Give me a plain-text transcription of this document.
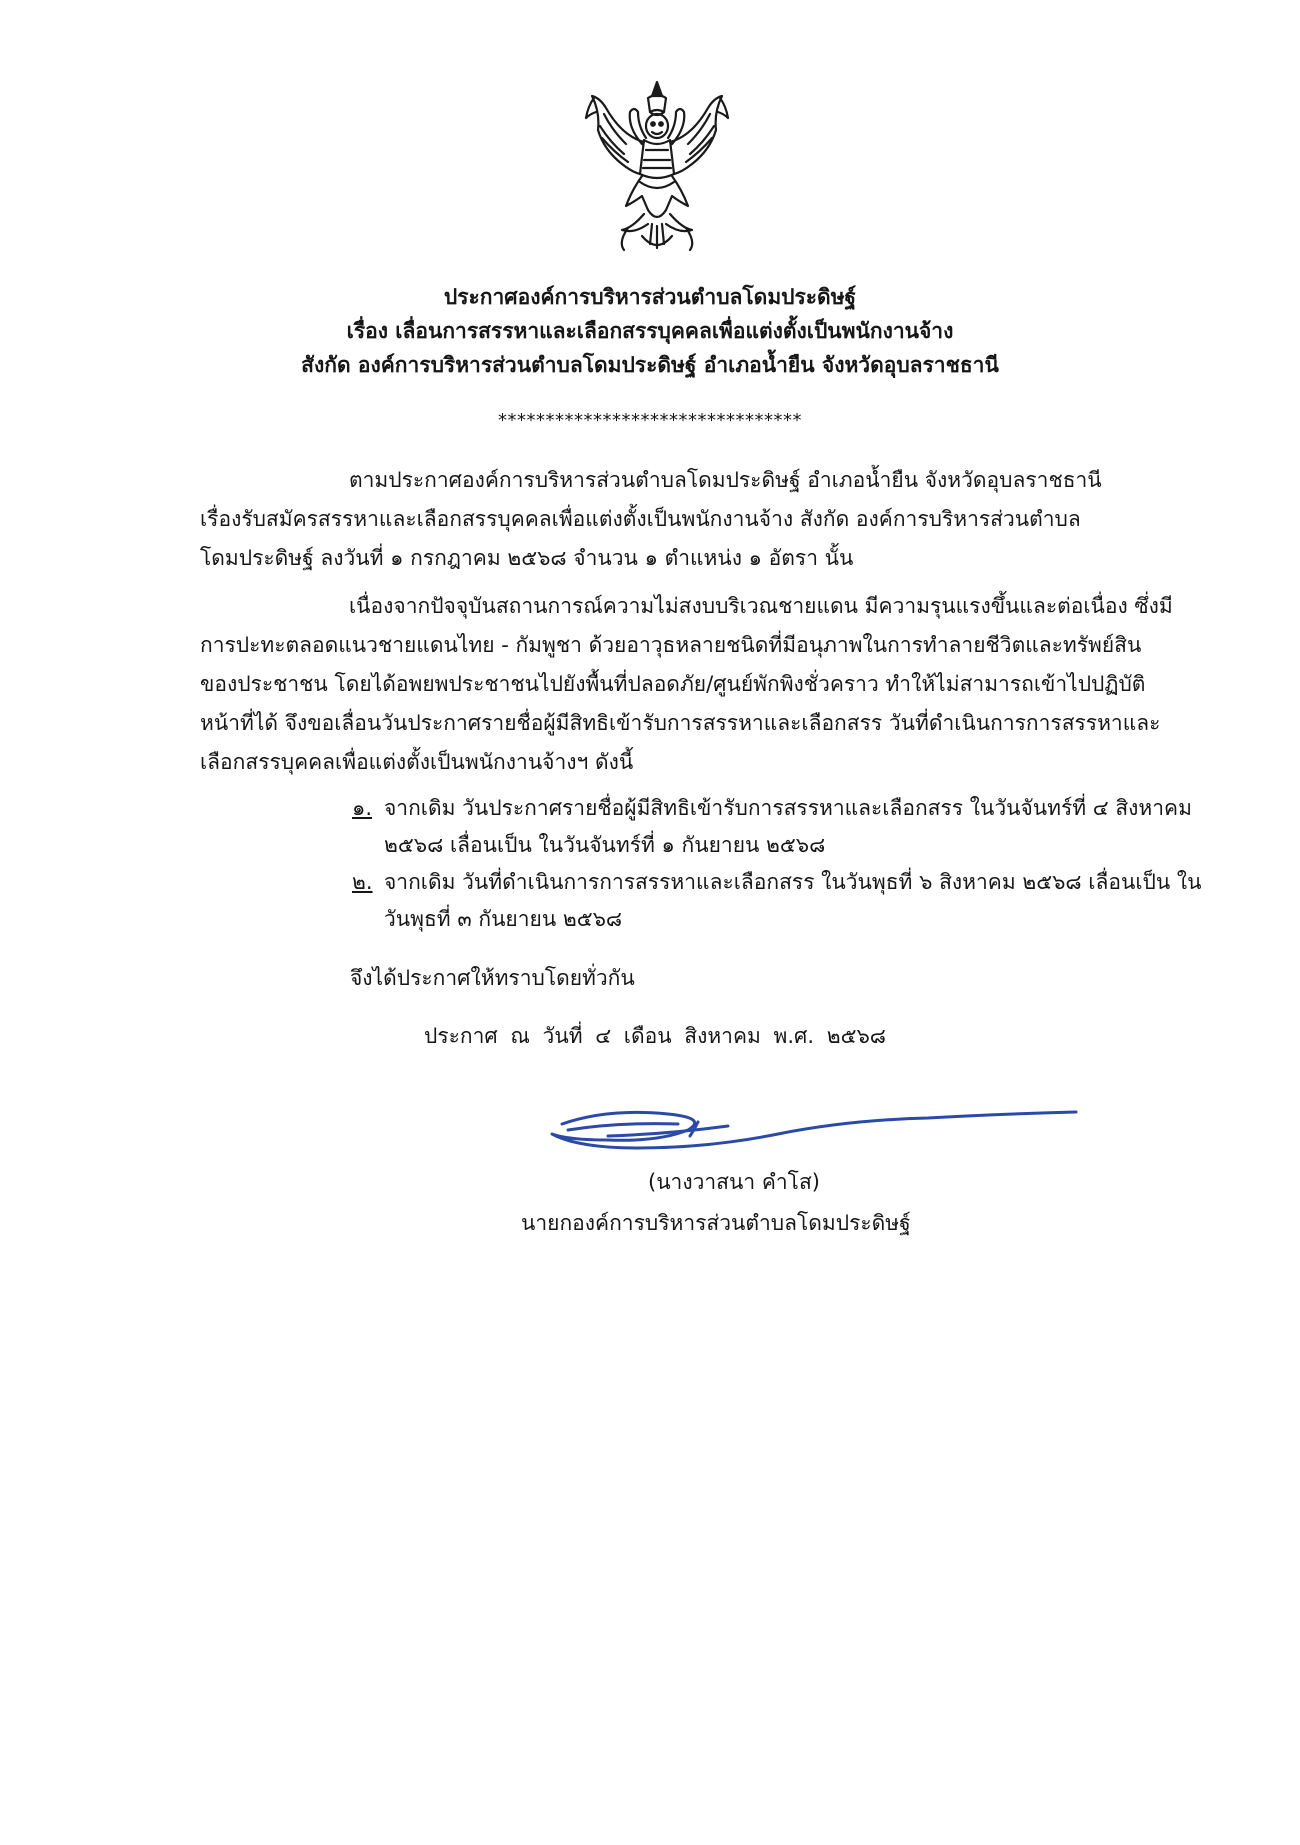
ประกาศองค์การบริหารส่วนตำบลโดมประดิษฐ์
เรื่อง เลื่อนการสรรหาและเลือกสรรบุคคลเพื่อแต่งตั้งเป็นพนักงานจ้าง
สังกัด องค์การบริหารส่วนตำบลโดมประดิษฐ์ อำเภอน้ำยืน จังหวัดอุบลราชธานี
********************************
ตามประกาศองค์การบริหารส่วนตำบลโดมประดิษฐ์ อำเภอน้ำยืน จังหวัดอุบลราชธานี
เรื่องรับสมัครสรรหาและเลือกสรรบุคคลเพื่อแต่งตั้งเป็นพนักงานจ้าง สังกัด องค์การบริหารส่วนตำบล
โดมประดิษฐ์ ลงวันที่ ๑ กรกฎาคม ๒๕๖๘ จำนวน ๑ ตำแหน่ง ๑ อัตรา นั้น
เนื่องจากปัจจุบันสถานการณ์ความไม่สงบบริเวณชายแดน มีความรุนแรงขึ้นและต่อเนื่อง ซึ่งมี
การปะทะตลอดแนวชายแดนไทย - กัมพูชา ด้วยอาวุธหลายชนิดที่มีอนุภาพในการทำลายชีวิตและทรัพย์สิน
ของประชาชน โดยได้อพยพประชาชนไปยังพื้นที่ปลอดภัย/ศูนย์พักพิงชั่วคราว ทำให้ไม่สามารถเข้าไปปฏิบัติ
หน้าที่ได้ จึงขอเลื่อนวันประกาศรายชื่อผู้มีสิทธิเข้ารับการสรรหาและเลือกสรร วันที่ดำเนินการการสรรหาและ
เลือกสรรบุคคลเพื่อแต่งตั้งเป็นพนักงานจ้างฯ ดังนี้
๑. จากเดิม วันประกาศรายชื่อผู้มีสิทธิเข้ารับการสรรหาและเลือกสรร ในวันจันทร์ที่ ๔ สิงหาคม
๒๕๖๘ เลื่อนเป็น ในวันจันทร์ที่ ๑ กันยายน ๒๕๖๘
๒. จากเดิม วันที่ดำเนินการการสรรหาและเลือกสรร ในวันพุธที่ ๖ สิงหาคม ๒๕๖๘ เลื่อนเป็น ใน
วันพุธที่ ๓ กันยายน ๒๕๖๘
จึงได้ประกาศให้ทราบโดยทั่วกัน
ประกาศ ณ วันที่ ๔ เดือน สิงหาคม พ.ศ. ๒๕๖๘
(นางวาสนา คำโส)
นายกองค์การบริหารส่วนตำบลโดมประดิษฐ์
